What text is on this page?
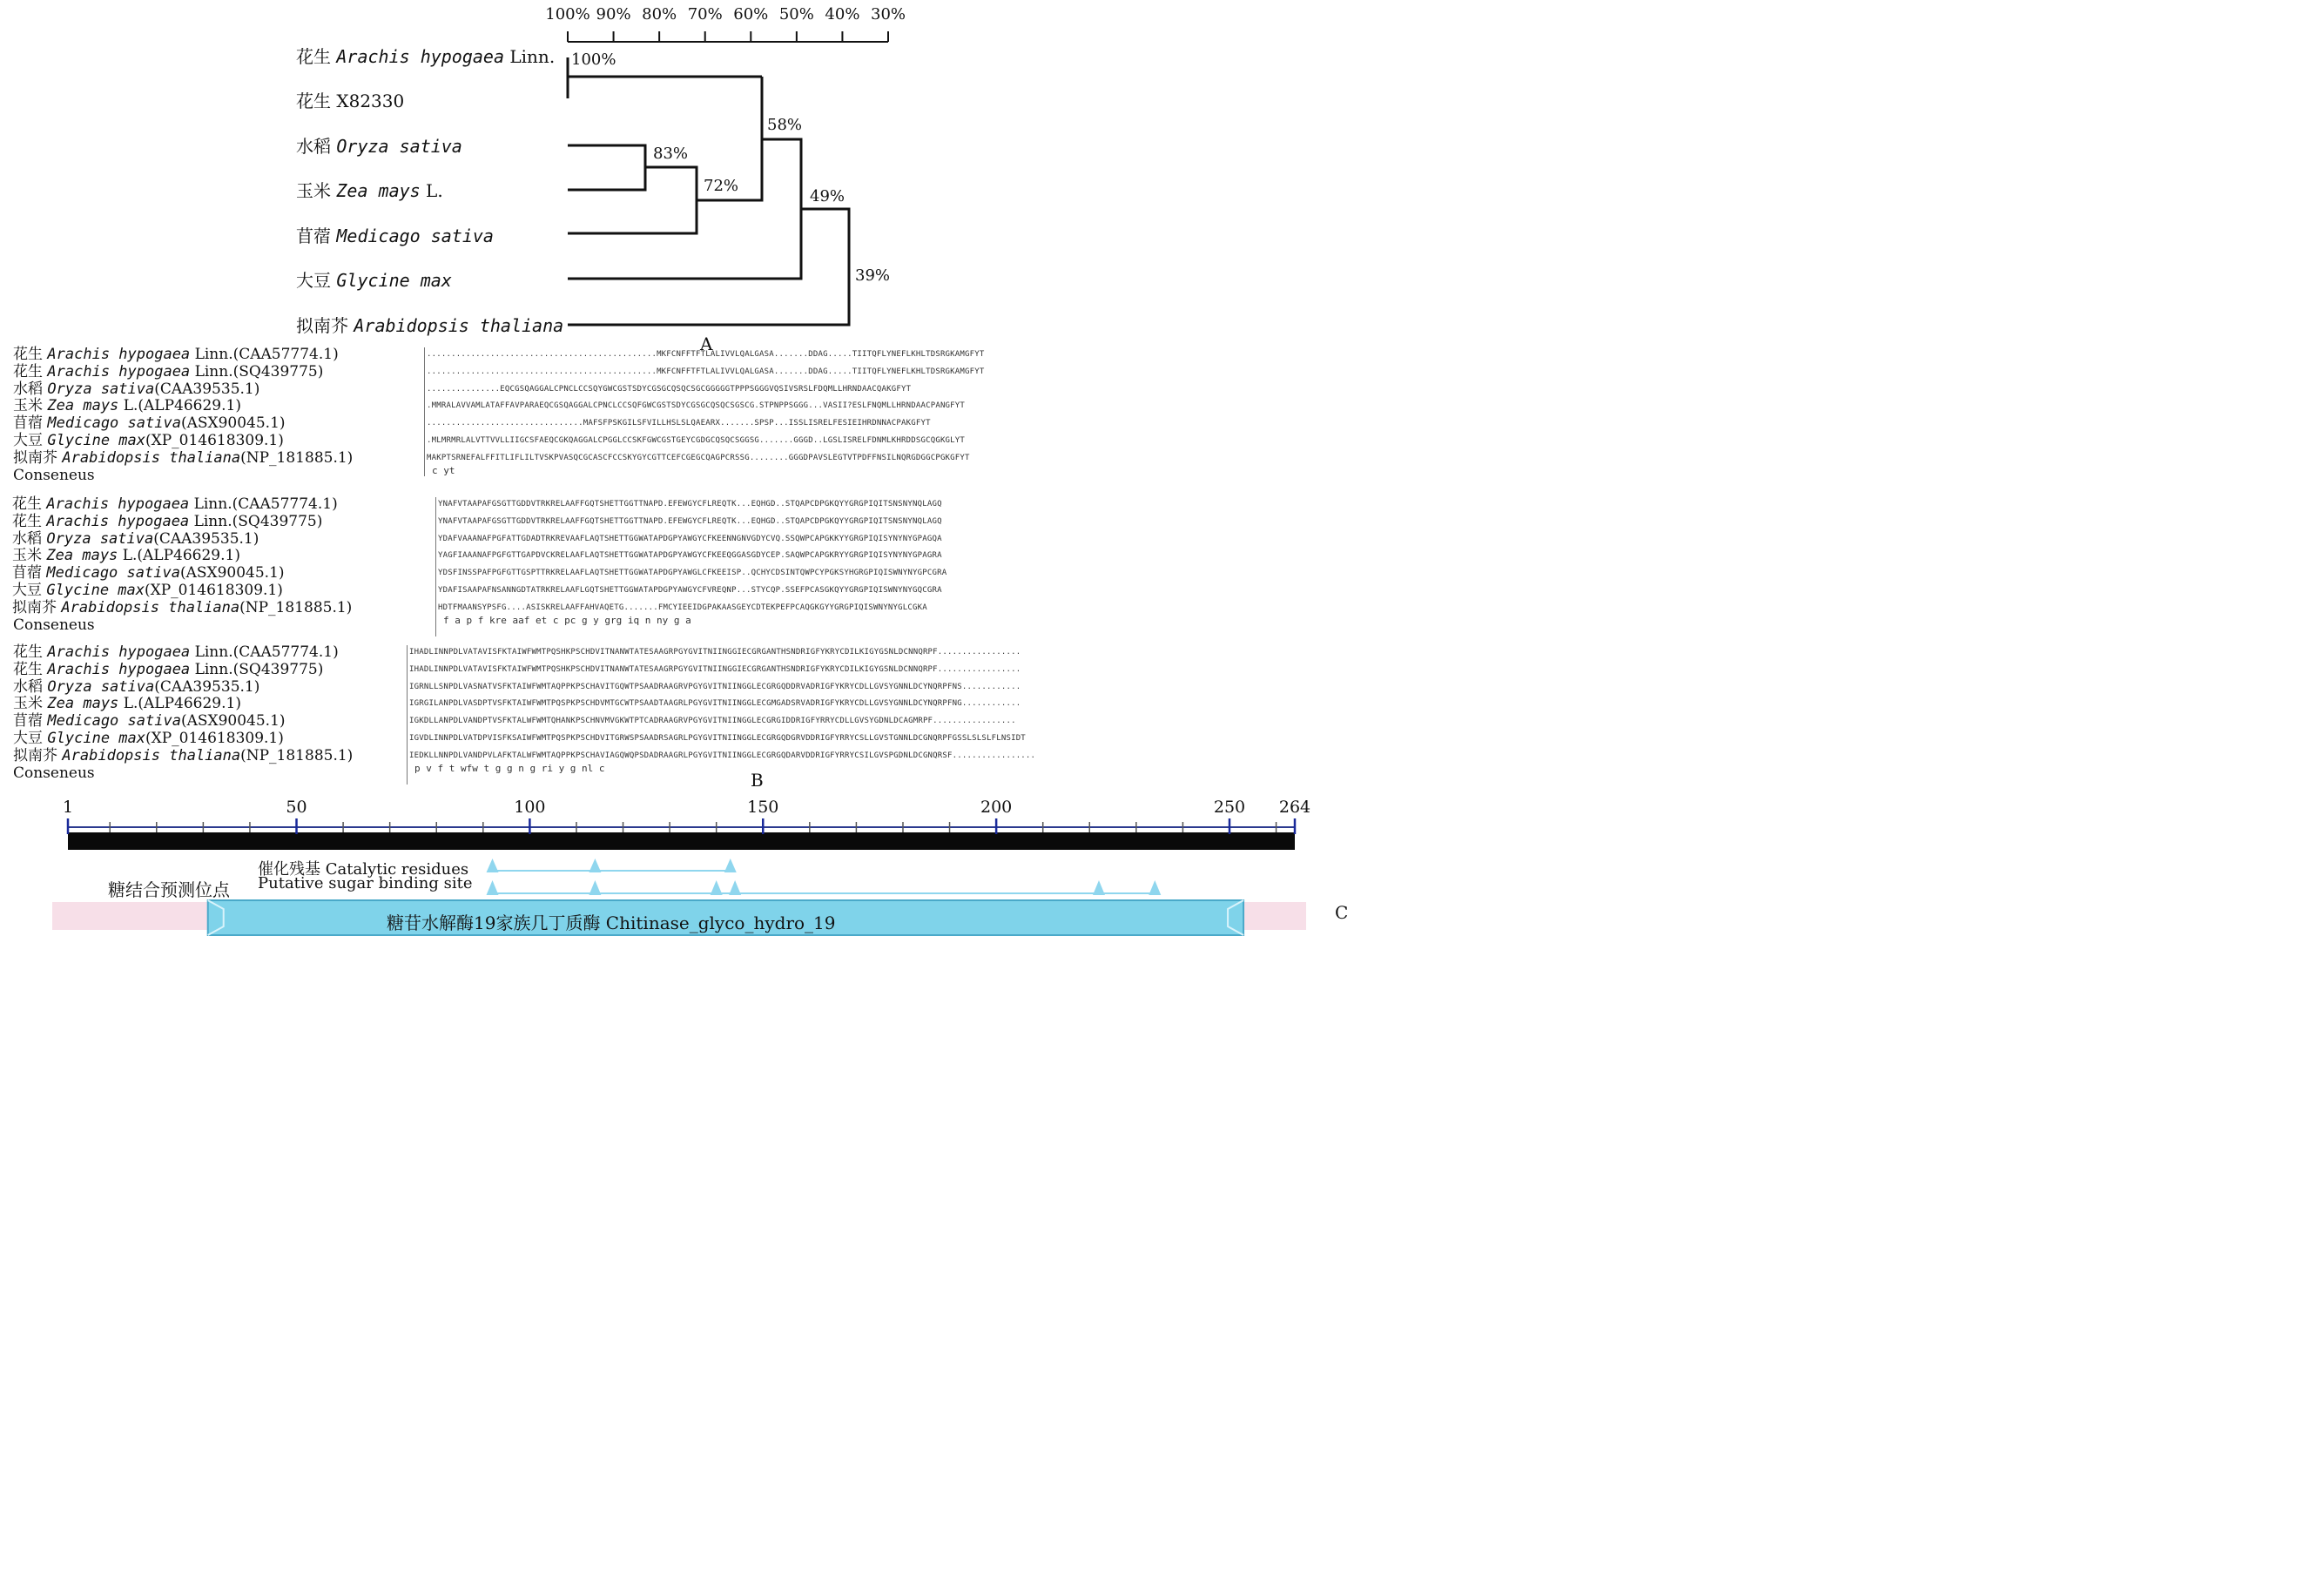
花生 Arachis hypogaea Linn.
花生 X82330
水稻 Oryza sativa
玉米 Zea mays L.
苜蓿 Medicago sativa
大豆 Glycine max
拟南芥 Arabidopsis thaliana
100% 90% 80% 70% 60% 50% 40% 30%
100%
83%
72%
58%
49%
39%
A
花生 Arachis hypogaea Linn.(CAA57774.1)	...............................................MKFCNFFTFTLALIVVLQALGASA.......DDAG.....TIITQFLYNEFLKHLTDSRGKAMGFYT
花生 Arachis hypogaea Linn.(SQ439775)	...............................................MKFCNFFTFTLALIVVLQALGASA.......DDAG.....TIITQFLYNEFLKHLTDSRGKAMGFYT
水稻 Oryza sativa(CAA39535.1)	...............EQCGSQAGGALCPNCLCCSQYGWCGSTSDYCGSGCQSQCSGCGGGGGTPPPSGGGVQSIVSRSLFDQMLLHRNDAACQAKGFYT
玉米 Zea mays L.(ALP46629.1)	.MMRALAVVAMLATAFFAVPARAEQCGSQAGGALCPNCLCCSQFGWCGSTSDYCGSGCQSQCSGSCG.STPNPPSGGG...VASII?ESLFNQMLLHRNDAACPANGFYT
苜蓿 Medicago sativa(ASX90045.1)	................................MAFSFPSKGILSFVILLHSLSLQAEARX.......SPSP...ISSLISRELFESIEIHRDNNACPAKGFYT
大豆 Glycine max(XP_014618309.1)	.MLMRMRLALVTTVVLLIIGCSFAEQCGKQAGGALCPGGLCCSKFGWCGSTGEYCGDGCQSQCSGGSG.......GGGD..LGSLISRELFDNMLKHRDDSGCQGKGLYT
拟南芥 Arabidopsis thaliana(NP_181885.1)	MAKPTSRNEFALFFITLIFLILTVSKPVASQCGCASCFCCSKYGYCGTTCEFCGEGCQAGPCRSSG........GGGDPAVSLEGTVTPDFFNSILNQRGDGGCPGKGFYT
Conseneus	c yt
花生 Arachis hypogaea Linn.(CAA57774.1)	YNAFVTAAPAFGSGTTGDDVTRKRELAAFFGQTSHETTGGTTNAPD.EFEWGYCFLREQTK...EQHGD..STQAPCDPGKQYYGRGPIQITSNSNYNQLAGQ
花生 Arachis hypogaea Linn.(SQ439775)	YNAFVTAAPAFGSGTTGDDVTRKRELAAFFGQTSHETTGGTTNAPD.EFEWGYCFLREQTK...EQHGD..STQAPCDPGKQYYGRGPIQITSNSNYNQLAGQ
水稻 Oryza sativa(CAA39535.1)	YDAFVAAANAFPGFATTGDADTRKREVAAFLAQTSHETTGGWATAPDGPYAWGYCFKEENNGNVGDYCVQ.SSQWPCAPGKKYYGRGPIQISYNYNYGPAGQA
玉米 Zea mays L.(ALP46629.1)	YAGFIAAANAFPGFGTTGAPDVCKRELAAFLAQTSHETTGGWATAPDGPYAWGYCFKEEQGGASGDYCEP.SAQWPCAPGKRYYGRGPIQISYNYNYGPAGRA
苜蓿 Medicago sativa(ASX90045.1)	YDSFINSSPAFPGFGTTGSPTTRKRELAAFLAQTSHETTGGWATAPDGPYAWGLCFKEEISP..QCHYCDSINTQWPCYPGKSYHGRGPIQISWNYNYGPCGRA
大豆 Glycine max(XP_014618309.1)	YDAFISAAPAFNSANNGDTATRKRELAAFLGQTSHETTGGWATAPDGPYAWGYCFVREQNP...STYCQP.SSEFPCASGKQYYGRGPIQISWNYNYGQCGRA
拟南芥 Arabidopsis thaliana(NP_181885.1)	HDTFMAANSYPSFG....ASISKRELAAFFAHVAQETG.......FMCYIEEIDGPAKAASGEYCDTEKPEFPCAQGKGYYGRGPIQISWNYNYGLCGKA
Conseneus	f a p f kre aaf et c pc g y grg iq n ny g a
花生 Arachis hypogaea Linn.(CAA57774.1)	IHADLINNPDLVATAVISFKTAIWFWMTPQSHKPSCHDVITNANWTATESAAGRPGYGVITNIINGGIECGRGANTHSNDRIGFYKRYCDILKIGYGSNLDCNNQRPF.................
花生 Arachis hypogaea Linn.(SQ439775)	IHADLINNPDLVATAVISFKTAIWFWMTPQSHKPSCHDVITNANWTATESAAGRPGYGVITNIINGGIECGRGANTHSNDRIGFYKRYCDILKIGYGSNLDCNNQRPF.................
水稻 Oryza sativa(CAA39535.1)	IGRNLLSNPDLVASNATVSFKTAIWFWMTAQPPKPSCHAVITGQWTPSAADRAAGRVPGYGVITNIINGGLECGRGQDDRVADRIGFYKRYCDLLGVSYGNNLDCYNQRPFNS............
玉米 Zea mays L.(ALP46629.1)	IGRGILANPDLVASDPTVSFKTAIWFWMTPQSPKPSCHDVMTGCWTPSAADTAAGRLPGYGVITNIINGGLECGMGADSRVADRIGFYKRYCDLLGVSYGNNLDCYNQRPFNG............
苜蓿 Medicago sativa(ASX90045.1)	IGKDLLANPDLVANDPTVSFKTALWFWMTQHANKPSCHNVMVGKWTPTCADRAAGRVPGYGVITNIINGGLECGRGIDDRIGFYRRYCDLLGVSYGDNLDCAGMRPF.................
大豆 Glycine max(XP_014618309.1)	IGVDLINNPDLVATDPVISFKSAIWFWMTPQSPKPSCHDVITGRWSPSAADRSAGRLPGYGVITNIINGGLECGRGQDGRVDDRIGFYRRYCSLLGVSTGNNLDCGNQRPFGSSLSLSLFLNSIDT
拟南芥 Arabidopsis thaliana(NP_181885.1)	IEDKLLNNPDLVANDPVLAFKTALWFWMTAQPPKPSCHAVIAGQWQPSDADRAAGRLPGYGVITNIINGGLECGRGQDARVDDRIGFYRRYCSILGVSPGDNLDCGNQRSF.................
Conseneus	p v f t wfw t g g n g ri y g nl c
B
1	50	100	150	200	250 264
催化残基 Catalytic residues
糖结合预测位点 Putative sugar binding site
糖苷水解酶19家族几丁质酶 Chitinase_glyco_hydro_19	C
